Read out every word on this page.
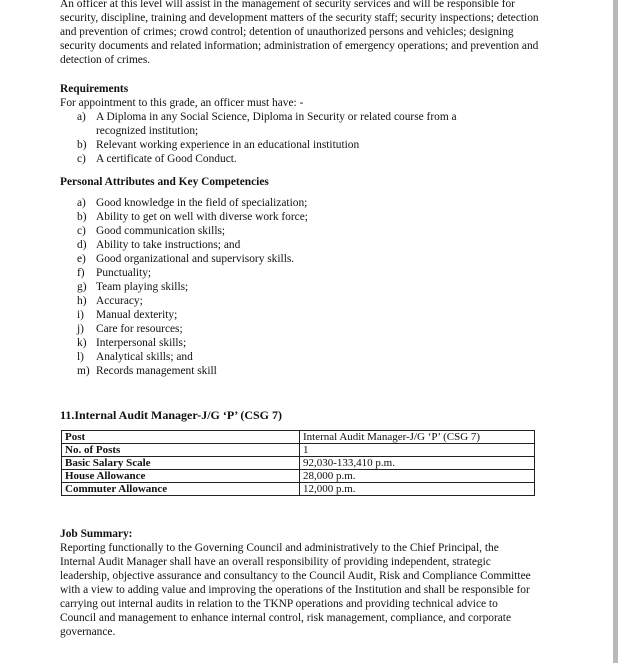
An officer at this level will assist in the management of security services and will be responsible for security, discipline, training and development matters of the security staff; security inspections; detection and prevention of crimes; crowd control; detention of unauthorized persons and vehicles; designing security documents and related information; administration of emergency operations; and prevention and detection of crimes.
Requirements
For appointment to this grade, an officer must have: -
a) A Diploma in any Social Science, Diploma in Security or related course from a recognized institution;
b) Relevant working experience in an educational institution
c) A certificate of Good Conduct.
Personal Attributes and Key Competencies
a) Good knowledge in the field of specialization;
b) Ability to get on well with diverse work force;
c) Good communication skills;
d) Ability to take instructions; and
e) Good organizational and supervisory skills.
f) Punctuality;
g) Team playing skills;
h) Accuracy;
i) Manual dexterity;
j) Care for resources;
k) Interpersonal skills;
l) Analytical skills; and
m) Records management skill
11.Internal Audit Manager-J/G ‘P’ (CSG 7)
Post	Internal Audit Manager-J/G ‘P’ (CSG 7)
No. of Posts	1
Basic Salary Scale	92,030-133,410 p.m.
House Allowance	28,000 p.m.
Commuter Allowance	12,000 p.m.
Job Summary:
Reporting functionally to the Governing Council and administratively to the Chief Principal, the Internal Audit Manager shall have an overall responsibility of providing independent, strategic leadership, objective assurance and consultancy to the Council Audit, Risk and Compliance Committee with a view to adding value and improving the operations of the Institution and shall be responsible for carrying out internal audits in relation to the TKNP operations and providing technical advice to Council and management to enhance internal control, risk management, compliance, and corporate governance.
